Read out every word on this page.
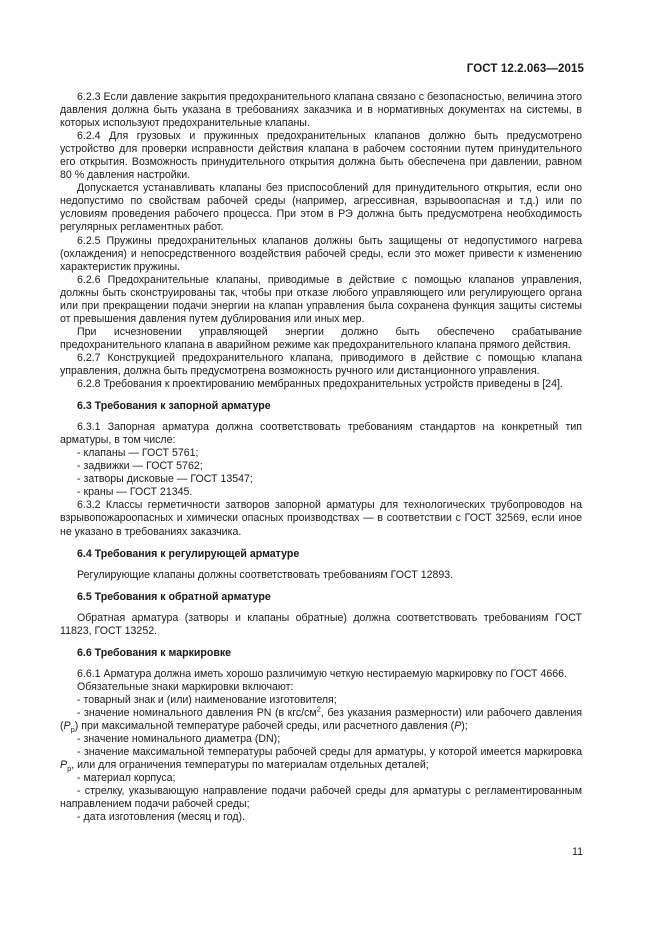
ГОСТ 12.2.063—2015

6.2.3 Если давление закрытия предохранительного клапана связано с безопасностью, величина этого давления должна быть указана в требованиях заказчика и в нормативных документах на системы, в которых используют предохранительные клапаны.

6.2.4 Для грузовых и пружинных предохранительных клапанов должно быть предусмотрено устройство для проверки исправности действия клапана в рабочем состоянии путем принудительного его открытия. Возможность принудительного открытия должна быть обеспечена при давлении, равном 80 % давления настройки.

Допускается устанавливать клапаны без приспособлений для принудительного открытия, если оно недопустимо по свойствам рабочей среды (например, агрессивная, взрывоопасная и т.д.) или по условиям проведения рабочего процесса. При этом в РЭ должна быть предусмотрена необходимость регулярных регламентных работ.

6.2.5 Пружины предохранительных клапанов должны быть защищены от недопустимого нагрева (охлаждения) и непосредственного воздействия рабочей среды, если это может привести к изменению характеристик пружины.

6.2.6 Предохранительные клапаны, приводимые в действие с помощью клапанов управления, должны быть сконструированы так, чтобы при отказе любого управляющего или регулирующего органа или при прекращении подачи энергии на клапан управления была сохранена функция защиты системы от превышения давления путем дублирования или иных мер.

При исчезновении управляющей энергии должно быть обеспечено срабатывание предохранительного клапана в аварийном режиме как предохранительного клапана прямого действия.

6.2.7 Конструкцией предохранительного клапана, приводимого в действие с помощью клапана управления, должна быть предусмотрена возможность ручного или дистанционного управления.

6.2.8 Требования к проектированию мембранных предохранительных устройств приведены в [24].

6.3 Требования к запорной арматуре

6.3.1 Запорная арматура должна соответствовать требованиям стандартов на конкретный тип арматуры, в том числе:

- клапаны — ГОСТ 5761;

- задвижки — ГОСТ 5762;

- затворы дисковые — ГОСТ 13547;

- краны — ГОСТ 21345.

6.3.2 Классы герметичности затворов запорной арматуры для технологических трубопроводов на взрывопожароопасных и химически опасных производствах — в соответствии с ГОСТ 32569, если иное не указано в требованиях заказчика.

6.4 Требования к регулирующей арматуре

Регулирующие клапаны должны соответствовать требованиям ГОСТ 12893.

6.5 Требования к обратной арматуре

Обратная арматура (затворы и клапаны обратные) должна соответствовать требованиям ГОСТ 11823, ГОСТ 13252.

6.6 Требования к маркировке

6.6.1 Арматура должна иметь хорошо различимую четкую нестираемую маркировку по ГОСТ 4666.

Обязательные знаки маркировки включают:

- товарный знак и (или) наименование изготовителя;

- значение номинального давления PN (в кгс/$см^2$, без указания размерности) или рабочего давления $(P_р)$ при максимальной температуре рабочей среды, или расчетного давления (P);

- значение номинального диаметра (DN);

- значение максимальной температуры рабочей среды для арматуры, у которой имеется маркировка $P_р$, или для ограничения температуры по материалам отдельных деталей;

- материал корпуса;

- стрелку, указывающую направление подачи рабочей среды для арматуры с регламентированным направлением подачи рабочей среды;

- дата изготовления (месяц и год).

11
